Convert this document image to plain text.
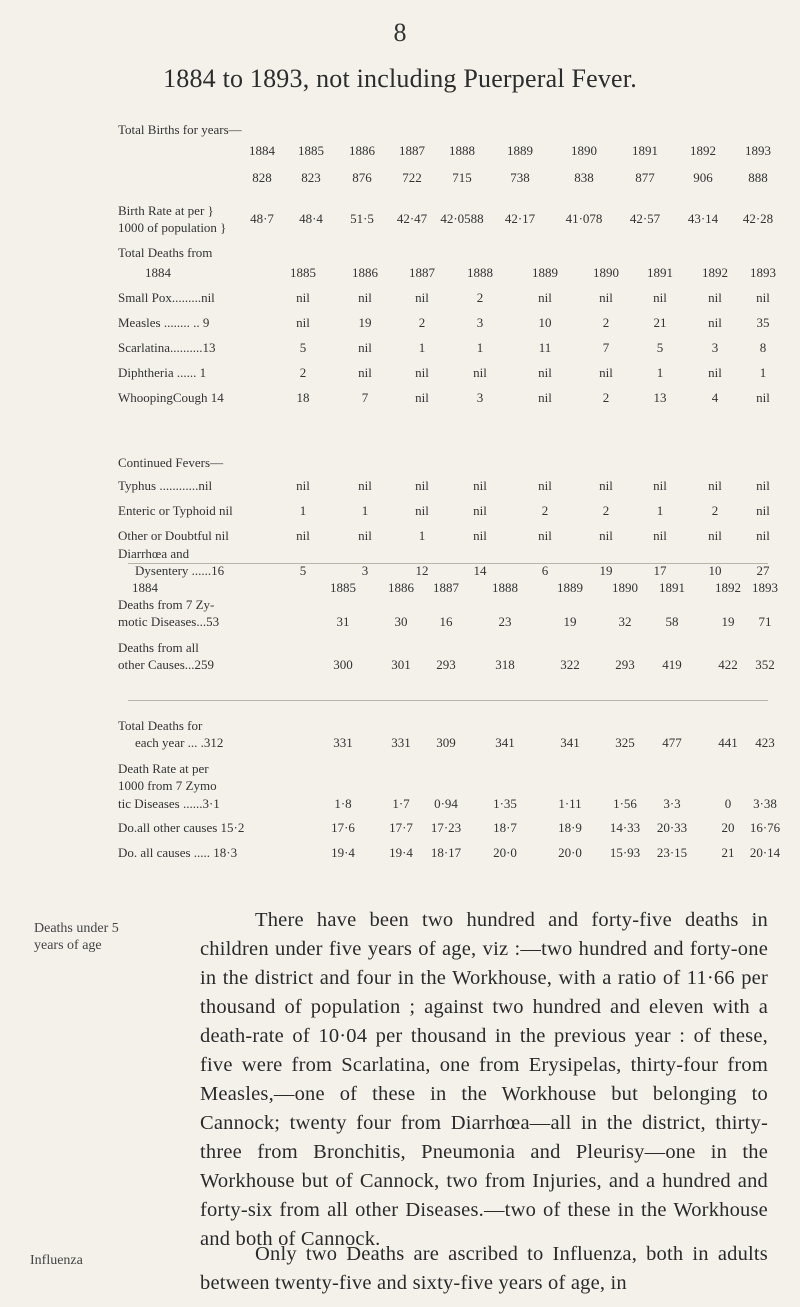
8
1884 to 1893, not including Puerperal Fever.
Total Births for years—
1884 1885 1886 1887 1888 1889	1890	1891 1892 1893
828 823 876 722 715	738	838	877	906	888
Birth Rate at per }
1000 of population }
48·7 48·4 51·5 42·47 42·0588 42·17 41·078 42·57 43·14 42·28
Total Deaths from
1884	1885	1886 1887 1888	1889	1890 1891 1892 1893
Small Pox.........nil	nil	nil	nil	2	nil	nil	nil	nil	nil
Measles ........ .. 9	nil	19	2	3	10	2	21	nil	35
Scarlatina..........13	5	nil	1	1	11	7	5	3	8
Diphtheria ...... 1	2	nil	nil	nil	nil	nil	1	nil	1
WhoopingCough 14	18	7	nil	3	nil	2	13	4	nil
Typhus ............nil	nil	nil	nil	nil	nil	nil	nil	nil	nil
Enteric or Typhoid nil	1	1	nil	nil	2	2	1	2	nil
Other or Doubtful nil	nil	nil	1	nil	nil	nil	nil	nil	nil
Diarrhœa and
Dysentery ......16	5	3	12	14	6	19	17	10	27
Continued Fevers—
1884	1885 1886 1887	1888	1889 1890 1891 1892 1893
Deaths from 7 Zy-
motic Diseases...53	31	30 16	23	19	32	58	19 71
Deaths from all
other Causes...259	300	301 293	318	322	293 419	422 352
Total Deaths for
each year ... .312	331	331 309	341	341	325 477	441 423
Death Rate at per
1000 from 7 Zymo
tic Diseases ......3·1	1·8	1·7 0·94	1·35	1·11 1·56 3·3	0 3·38
Do.all other causes 15·2	17·6	17·7 17·23 18·7	18·9 14·33 20·33	20 16·76
Do. all causes ..... 18·3	19·4	19·4 18·17 20·0	20·0 15·93 23·15	21 20·14
Deaths under 5
years of age

There have been two hundred and forty-five deaths in children under five years of age, viz :—two hundred and forty-one in the district and four in the Workhouse, with a ratio of 11·66 per thousand of population ; against two hundred and eleven with a death-rate of 10·04 per thousand in the previous year : of these, five were from Scarlatina, one from Erysipelas, thirty-four from Measles,—one of these in the Workhouse but belonging to Cannock; twenty four from Diarrhœa—all in the district, thirty-three from Bronchitis, Pneumonia and Pleurisy—one in the Workhouse but of Cannock, two from Injuries, and a hundred and forty-six from all other Diseases.—two of these in the Workhouse and both of Cannock.

Influenza	Only two Deaths are ascribed to Influenza, both in adults between twenty-five and sixty-five years of age, in
